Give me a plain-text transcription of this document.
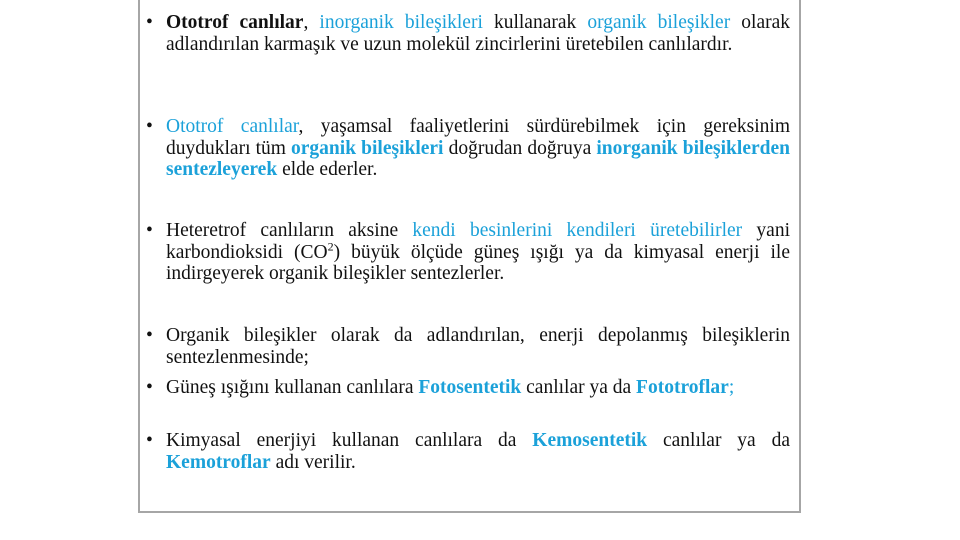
• Ototrof canlılar, inorganik bileşikleri kullanarak organik bileşikler olarak adlandırılan karmaşık ve uzun molekül zincirlerini üretebilen canlılardır.
• Ototrof canlılar, yaşamsal faaliyetlerini sürdürebilmek için gereksinim duydukları tüm organik bileşikleri doğrudan doğruya inorganik bileşiklerden sentezleyerek elde ederler.
• Heteretrof canlıların aksine kendi besinlerini kendileri üretebilirler yani karbondioksidi $(CO^2)$ büyük ölçüde güneş ışığı ya da kimyasal enerji ile indirgeyerek organik bileşikler sentezlerler.
• Organik bileşikler olarak da adlandırılan, enerji depolanmış bileşiklerin sentezlenmesinde;
• Güneş ışığını kullanan canlılara Fotosentetik canlılar ya da Fototroflar;
• Kimyasal enerjiyi kullanan canlılara da Kemosentetik canlılar ya da Kemotroflar adı verilir.
